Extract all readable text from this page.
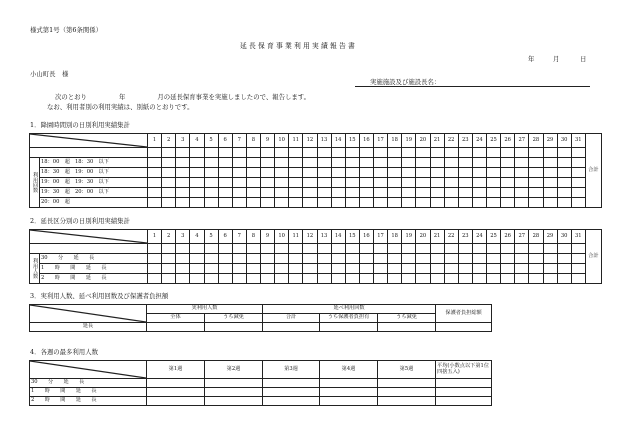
様式第1号（第6条関係）
延長保育事業利用実績報告書
年	月	日
小山町長　様
実施施設及び施設長名：
次のとおり	年	月の延長保育事業を実施しましたので、報告します。
なお、利用者別の利用実績は、別紙のとおりです。
1．降園時間別の日別利用実績集計
	1	2	3	4	5	6	7	8	9	10	11	12	13	14	15	16	17	18	19	20	21	22	23	24	25	26	27	28	29	30	31	合計

利用回数	18：00　超　18：30　以下																																
	18：30　超　19：00　以下																																
	19：00　超　19：30　以下																																
	19：30　超　20：00　以下																																
	20：00　超																																
2．延長区分別の日別利用実績集計
	1	2	3	4	5	6	7	8	9	10	11	12	13	14	15	16	17	18	19	20	21	22	23	24	25	26	27	28	29	30	31	合計

利用人数	30　　分　　延　　長																																
	1　　時　　間　　延　　長																																
	2　　時　　間　　延　　長																																
3．実利用人数、延べ利用回数及び保護者負担額
	実利用人数		延べ利用回数			保護者負担総額
	全体	うち減免	合計	うち保護者負担有	うち減免	
延長						
4．各週の最多利用人数
	第1週	第2週	第3週	第4週	第5週	平均(小数点以下第1位四捨五入)
30　　分　　延　　長						
1　　時　　間　　延　　長						
2　　時　　間　　延　　長						
